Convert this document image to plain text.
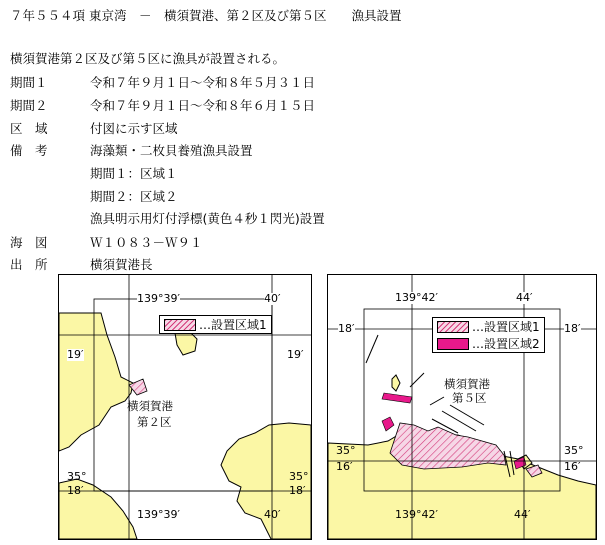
７年５５４項 東京湾　－　横須賀港、第２区及び第５区　　漁具設置
横須賀港第２区及び第５区に漁具が設置される。
期間１	令和７年９月１日～令和８年５月３１日
期間２	令和７年９月１日～令和８年６月１５日
区　域	付図に示す区域
備　考	海藻類・二枚貝養殖漁具設置
期間１：区域１
期間２：区域２
漁具明示用灯付浮標(黄色４秒１閃光)設置
海　図	Ｗ１０８３－Ｗ９１
出　所	横須賀港長
139°39′	40′
19′	19′
35°
18′
35°
18′
139°39′	40′
横須賀港
第２区
…設置区域1
139°42′	44′
18′	18′
35°
16′
35°
16′
139°42′	44′
横須賀港
第５区
…設置区域1
…設置区域2
